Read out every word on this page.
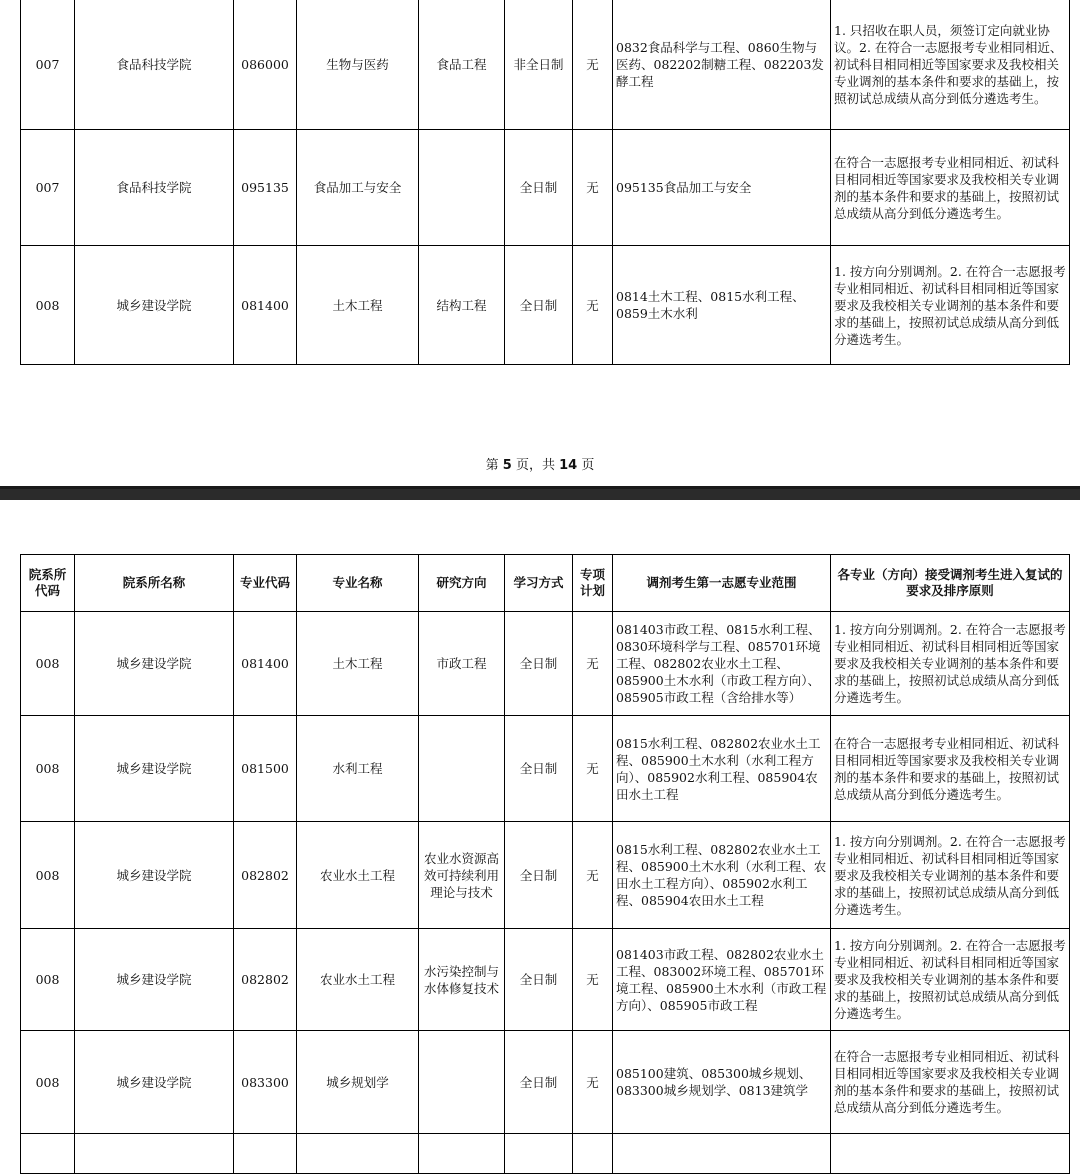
007	食品科技学院	086000	生物与医药	食品工程	非全日制	无	0832食品科学与工程、0860生物与医药、082202制糖工程、082203发酵工程	1. 只招收在职人员，须签订定向就业协议。2. 在符合一志愿报考专业相同相近、初试科目相同相近等国家要求及我校相关专业调剂的基本条件和要求的基础上，按照初试总成绩从高分到低分遴选考生。
007	食品科技学院	095135	食品加工与安全		全日制	无	095135食品加工与安全	在符合一志愿报考专业相同相近、初试科目相同相近等国家要求及我校相关专业调剂的基本条件和要求的基础上，按照初试总成绩从高分到低分遴选考生。
008	城乡建设学院	081400	土木工程	结构工程	全日制	无	0814土木工程、0815水利工程、0859土木水利	1. 按方向分别调剂。2. 在符合一志愿报考专业相同相近、初试科目相同相近等国家要求及我校相关专业调剂的基本条件和要求的基础上，按照初试总成绩从高分到低分遴选考生。
第 5 页，共 14 页
院系所代码	院系所名称	专业代码	专业名称	研究方向	学习方式	专项计划	调剂考生第一志愿专业范围	各专业（方向）接受调剂考生进入复试的要求及排序原则
008	城乡建设学院	081400	土木工程	市政工程	全日制	无	081403市政工程、0815水利工程、0830环境科学与工程、085701环境工程、082802农业水土工程、085900土木水利（市政工程方向）、085905市政工程（含给排水等）	1. 按方向分别调剂。2. 在符合一志愿报考专业相同相近、初试科目相同相近等国家要求及我校相关专业调剂的基本条件和要求的基础上，按照初试总成绩从高分到低分遴选考生。
008	城乡建设学院	081500	水利工程		全日制	无	0815水利工程、082802农业水土工程、085900土木水利（水利工程方向）、085902水利工程、085904农田水土工程	在符合一志愿报考专业相同相近、初试科目相同相近等国家要求及我校相关专业调剂的基本条件和要求的基础上，按照初试总成绩从高分到低分遴选考生。
008	城乡建设学院	082802	农业水土工程	农业水资源高效可持续利用理论与技术	全日制	无	0815水利工程、082802农业水土工程、085900土木水利（水利工程、农田水土工程方向）、085902水利工程、085904农田水土工程	1. 按方向分别调剂。2. 在符合一志愿报考专业相同相近、初试科目相同相近等国家要求及我校相关专业调剂的基本条件和要求的基础上，按照初试总成绩从高分到低分遴选考生。
008	城乡建设学院	082802	农业水土工程	水污染控制与水体修复技术	全日制	无	081403市政工程、082802农业水土工程、083002环境工程、085701环境工程、085900土木水利（市政工程方向）、085905市政工程	1. 按方向分别调剂。2. 在符合一志愿报考专业相同相近、初试科目相同相近等国家要求及我校相关专业调剂的基本条件和要求的基础上，按照初试总成绩从高分到低分遴选考生。
008	城乡建设学院	083300	城乡规划学		全日制	无	085100建筑、085300城乡规划、083300城乡规划学、0813建筑学	在符合一志愿报考专业相同相近、初试科目相同相近等国家要求及我校相关专业调剂的基本条件和要求的基础上，按照初试总成绩从高分到低分遴选考生。
